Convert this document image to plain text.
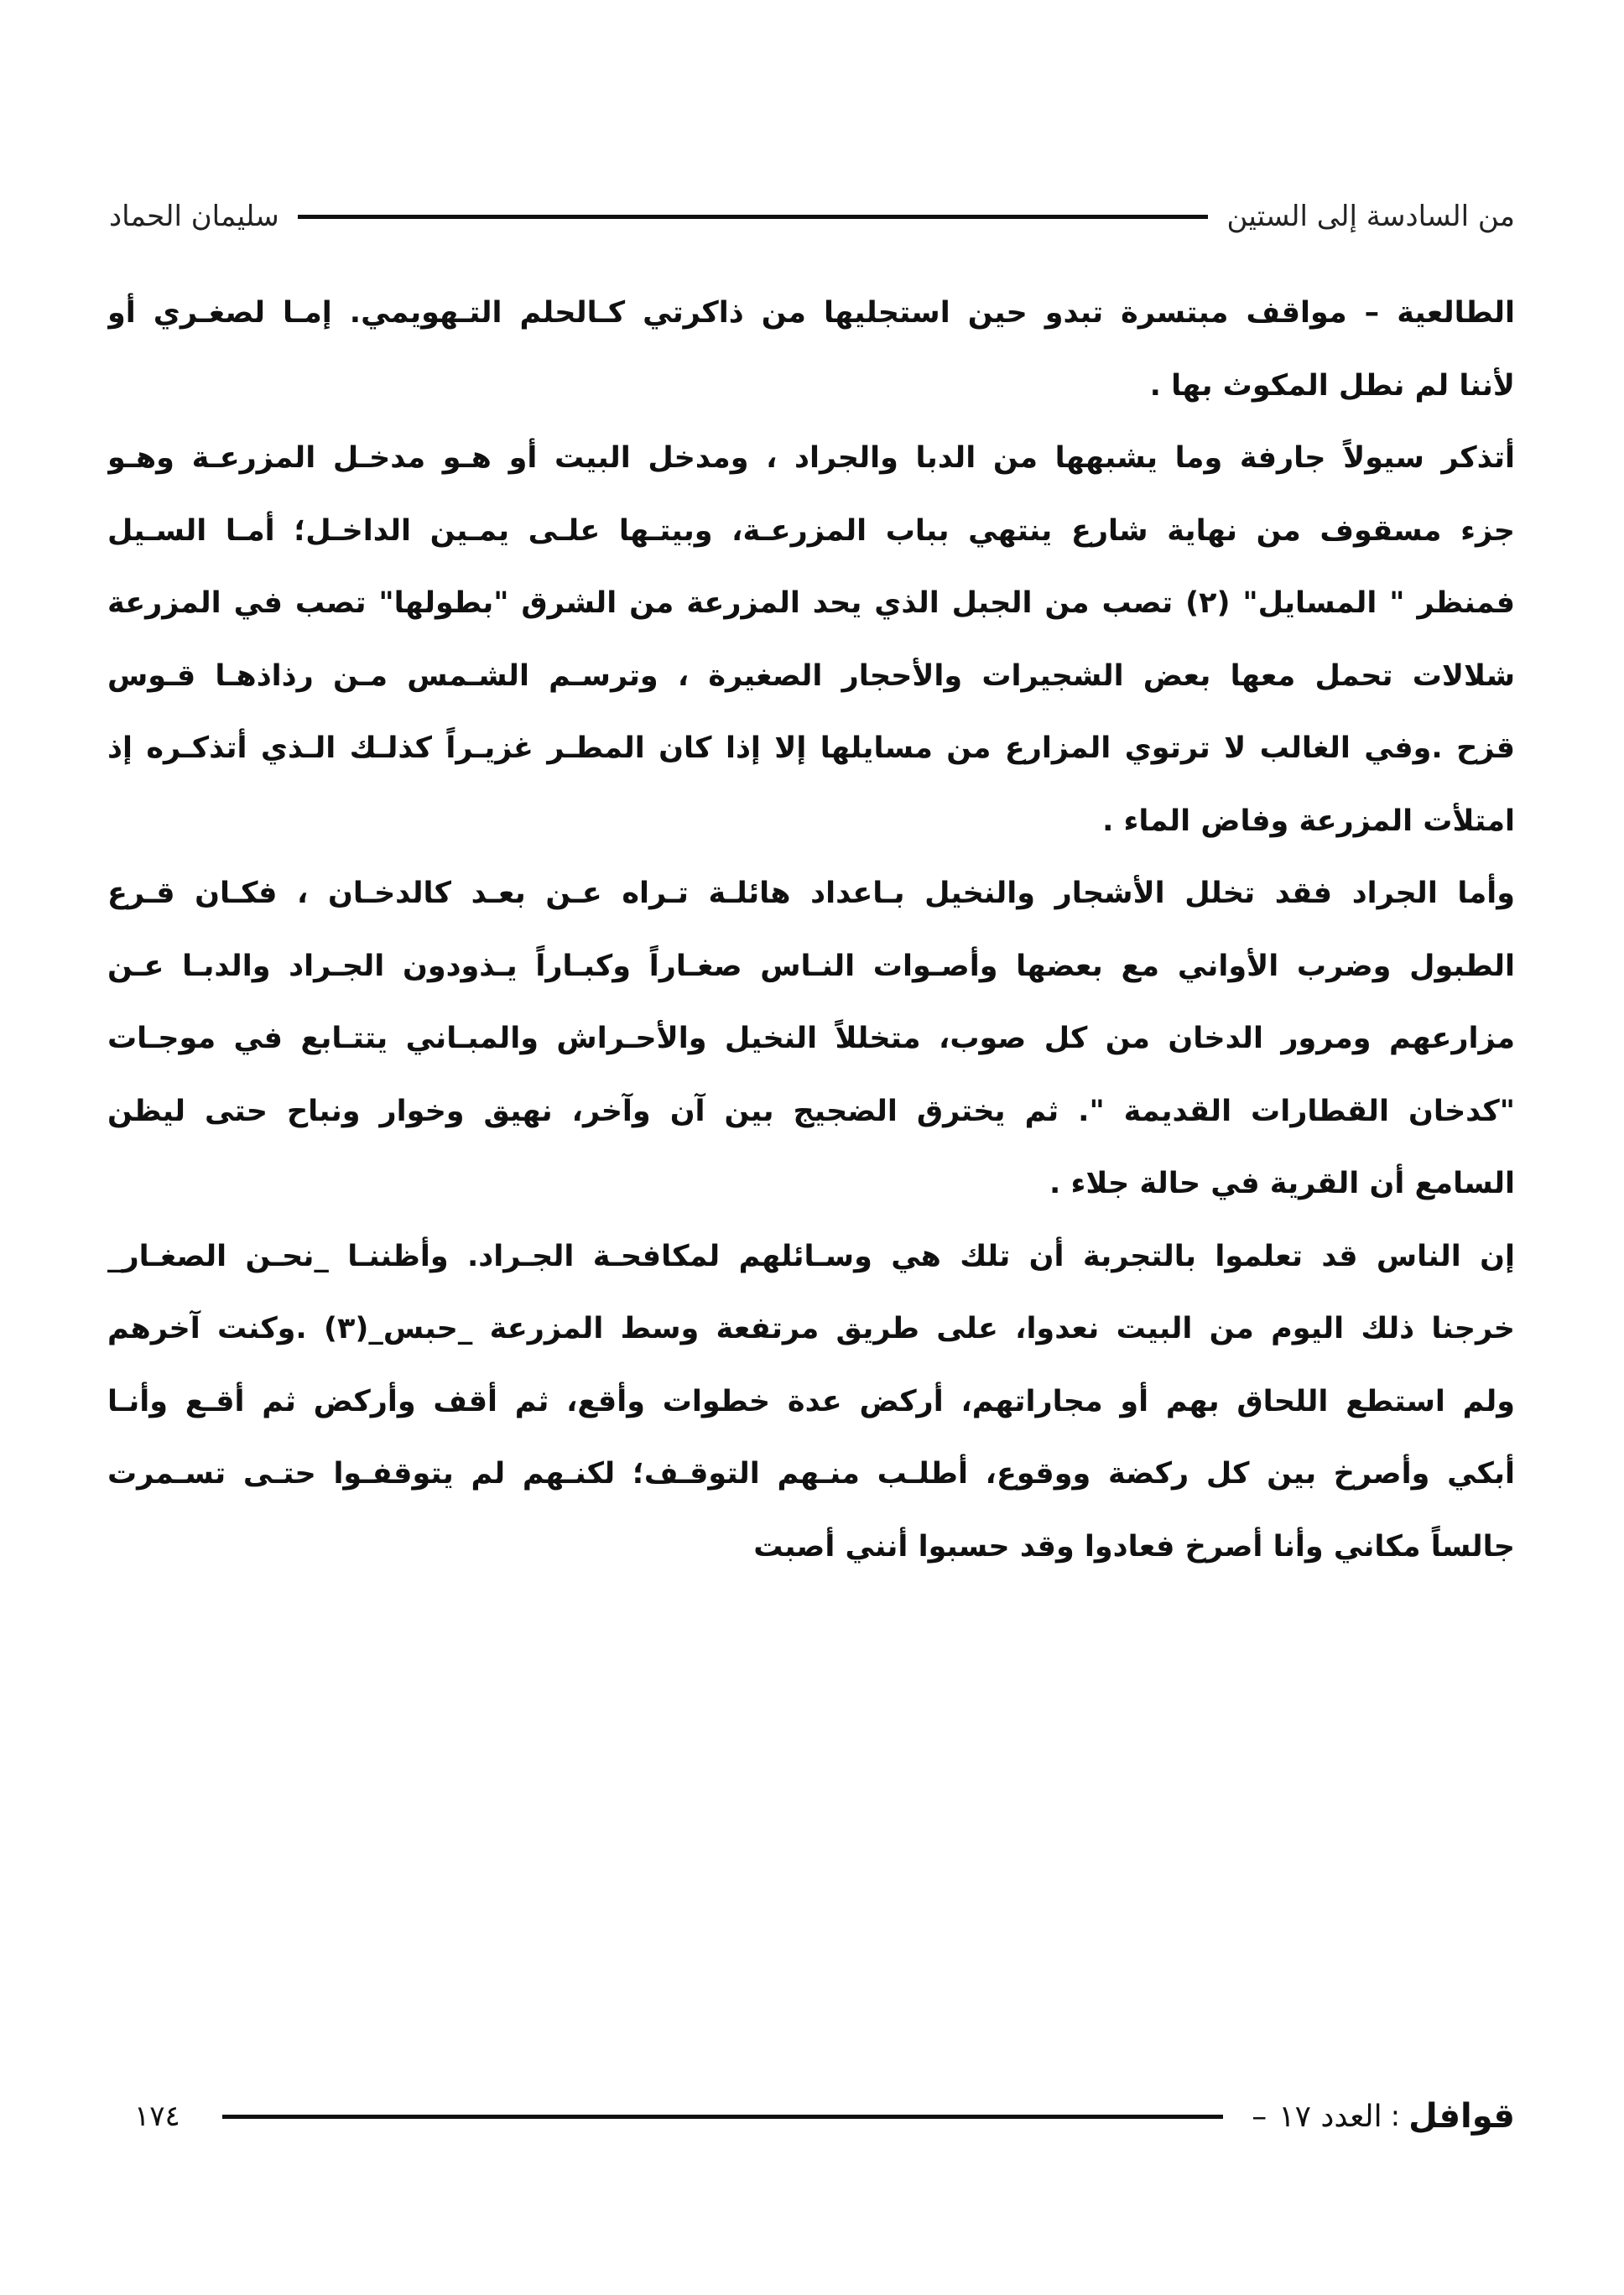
من السادسة إلى الستين
سليمان الحماد
الطالعية – مواقف مبتسرة تبدو حين استجليها من ذاكرتي كـالحلم التـهويمي. إمـا لصغـري أو
لأننا لم نطل المكوث بها .
أتذكر سيولاً جارفة وما يشبهها من الدبا والجراد ، ومدخل البيت أو هـو مدخـل المزرعـة وهـو
جزء مسقوف من نهاية شارع ينتهي بباب المزرعـة، وبيتـها علـى يمـين الداخـل؛ أمـا السـيل
فمنظر " المسايل" (٢) تصب من الجبل الذي يحد المزرعة من الشرق "بطولها" تصب في المزرعة
شلالات تحمل معها بعض الشجيرات والأحجار الصغيرة ، وترسـم الشـمس مـن رذاذهـا قـوس
قزح .وفي الغالب لا ترتوي المزارع من مسايلها إلا إذا كان المطـر غزيـراً كذلـك الـذي أتذكـره إذ
امتلأت المزرعة وفاض الماء .
وأما الجراد فقد تخلل الأشجار والنخيل بـاعداد هائلـة تـراه عـن بعـد كالدخـان ، فكـان قـرع
الطبول وضرب الأواني مع بعضها وأصـوات النـاس صغـاراً وكبـاراً يـذودون الجـراد والدبـا عـن
مزارعهم ومرور الدخان من كل صوب، متخللاً النخيل والأحـراش والمبـاني يتتـابع في موجـات
"كدخان القطارات القديمة ". ثم يخترق الضجيج بين آن وآخر، نهيق وخوار ونباح حتى ليظن
السامع أن القرية في حالة جلاء .
إن الناس قد تعلموا بالتجربة أن تلك هي وسـائلهم لمكافحـة الجـراد. وأظننـا _نحـن الصغـار_
خرجنا ذلك اليوم من البيت نعدوا، على طريق مرتفعة وسط المزرعة _حبس_(٣) .وكنت آخرهم
ولم استطع اللحاق بهم أو مجاراتهم، أركض عدة خطوات وأقع، ثم أقف وأركض ثم أقـع وأنـا
أبكي وأصرخ بين كل ركضة ووقوع، أطلـب منـهم التوقـف؛ لكنـهم لم يتوقفـوا حتـى تسـمرت
جالساً مكاني وأنا أصرخ فعادوا وقد حسبوا أنني أصبت
قوافل
:
العدد ١٧
–
١٧٤
